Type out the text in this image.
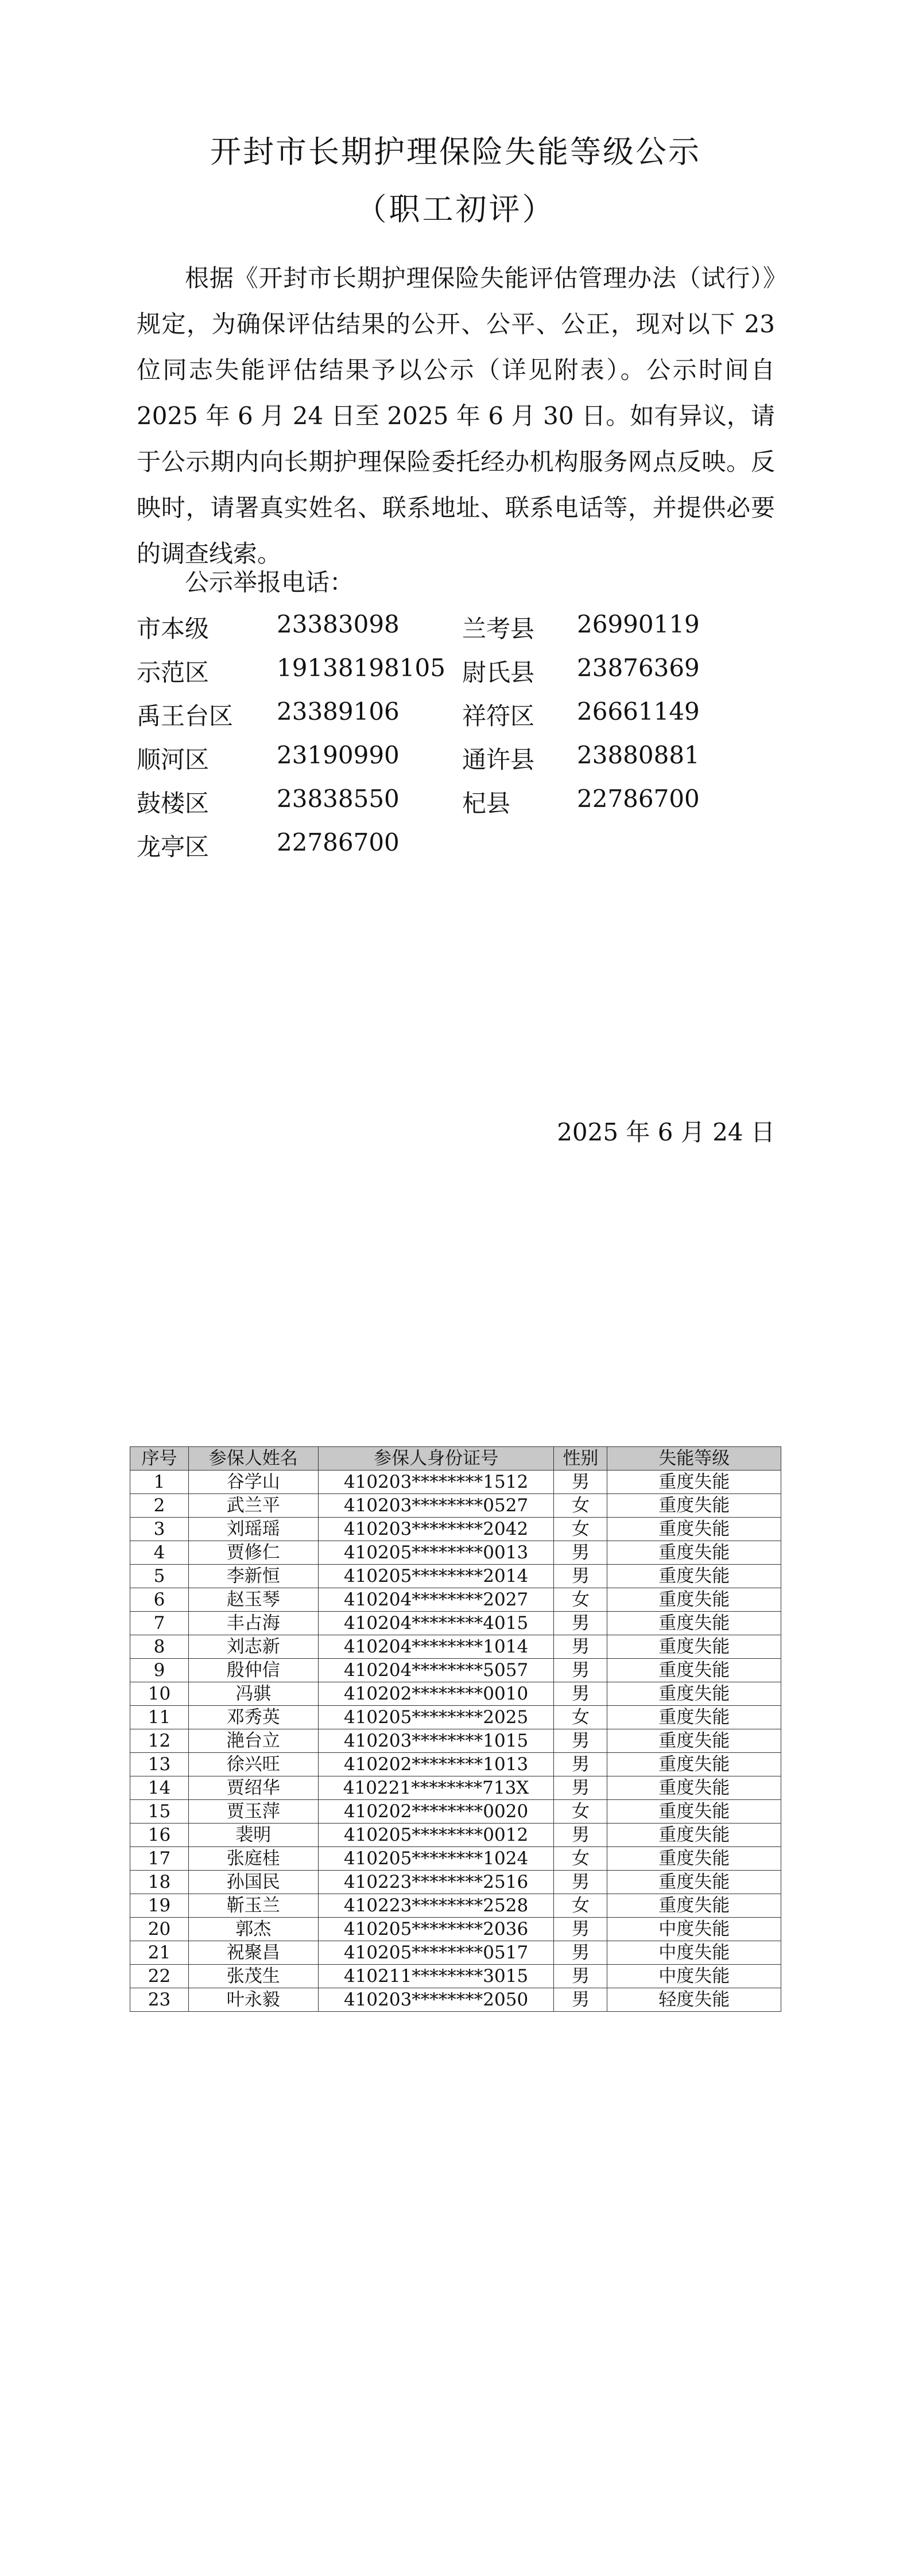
开封市长期护理保险失能等级公示
（职工初评）

根据《开封市长期护理保险失能评估管理办法（试行）》规定，为确保评估结果的公开、公平、公正，现对以下 23 位同志失能评估结果予以公示（详见附表）。公示时间自 2025 年 6 月 24 日至 2025 年 6 月 30 日。如有异议，请于公示期内向长期护理保险委托经办机构服务网点反映。反映时，请署真实姓名、联系地址、联系电话等，并提供必要的调查线索。

公示举报电话：

市本级	23383098	兰考县 26990119
示范区	19138198105 尉氏县 23876369
禹王台区 23389106	祥符区 26661149
顺河区	23190990	通许县 23880881
鼓楼区	23838550	杞县	22786700
龙亭区	22786700

2025 年 6 月 24 日

序号	参保人姓名	参保人身份证号	性别	失能等级
1	谷学山	410203********1512	男	重度失能
2	武兰平	410203********0527	女	重度失能
3	刘瑶瑶	410203********2042	女	重度失能
4	贾修仁	410205********0013	男	重度失能
5	李新恒	410205********2014	男	重度失能
6	赵玉琴	410204********2027	女	重度失能
7	丰占海	410204********4015	男	重度失能
8	刘志新	410204********1014	男	重度失能
9	殷仲信	410204********5057	男	重度失能
10	冯骐	410202********0010	男	重度失能
11	邓秀英	410205********2025	女	重度失能
12	滟台立	410203********1015	男	重度失能
13	徐兴旺	410202********1013	男	重度失能
14	贾绍华	410221********713X	男	重度失能
15	贾玉萍	410202********0020	女	重度失能
16	裴明	410205********0012	男	重度失能
17	张庭桂	410205********1024	女	重度失能
18	孙国民	410223********2516	男	重度失能
19	靳玉兰	410223********2528	女	重度失能
20	郭杰	410205********2036	男	中度失能
21	祝聚昌	410205********0517	男	中度失能
22	张茂生	410211********3015	男	中度失能
23	叶永毅	410203********2050	男	轻度失能
